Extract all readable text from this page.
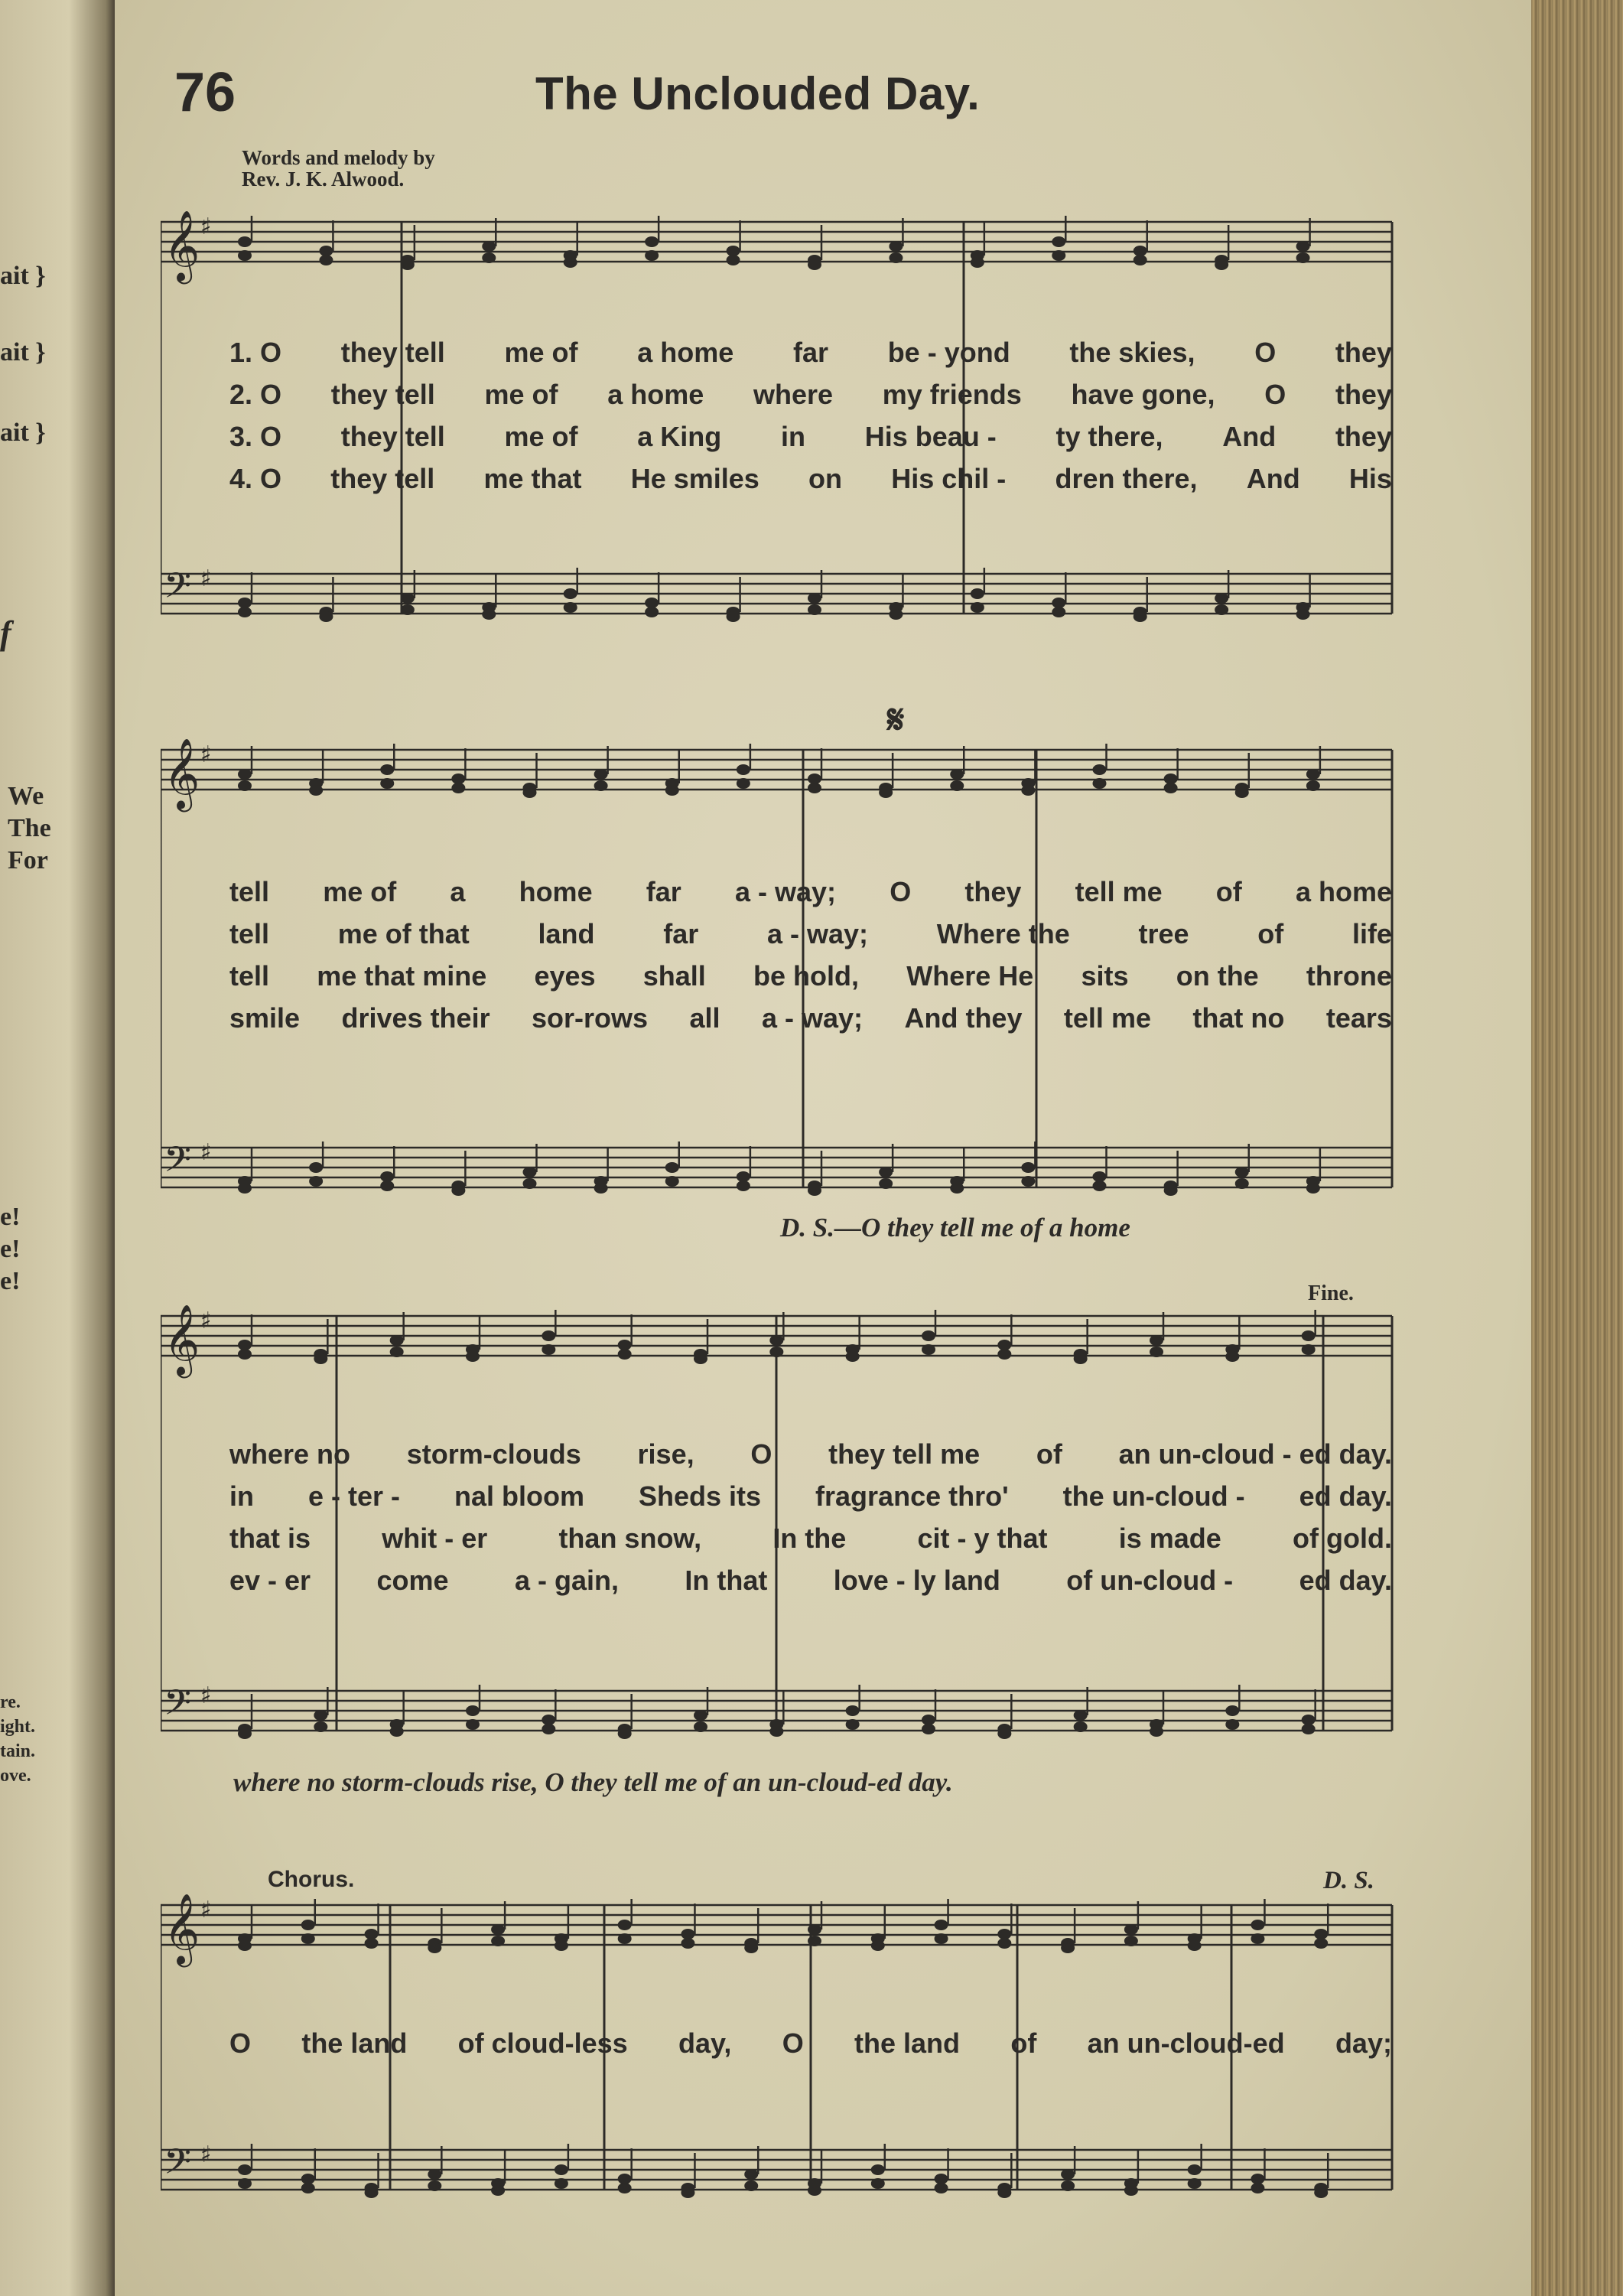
ait }
ait }
ait }
f
We
The
For
e!
e!
e!
re.
ight.
tain.
ove.
76	The Unclouded Day.
Words and melody by
Rev. J. K. Alwood.
𝄞 ♯
𝄢 ♯
1. O they tell me of a home far be - yond the skies, O they
2. O they tell me of a home where my friends have gone, O they
3. O they tell me of a King in His beau - ty there, And they
4. O they tell me that He smiles on His chil - dren there, And His
𝄞 ♯
𝄢 ♯
𝄋
tell me of a home far a - way; O they tell me of a home
tell me of that land far a - way; Where the tree of life
tell me that mine eyes shall be hold, Where He sits on the throne
smile drives their sor-rows all a - way; And they tell me that no tears
D. S.—O they tell me of a home
𝄞 ♯
𝄢 ♯
Fine.
where no storm-clouds rise, O they tell me of an un-cloud - ed day.
in e - ter - nal bloom Sheds its fragrance thro' the un-cloud - ed day.
that is	whit - er	than snow,	In the	cit - y that	is made	of gold.
ev - er come a - gain, In that love - ly land of un-cloud - ed day.
where no storm-clouds rise, O they tell me of an un-cloud-ed day.
𝄞 ♯
𝄢 ♯
Chorus.	D. S.
O the land of cloud-less day, O the land of an un-cloud-ed day;
